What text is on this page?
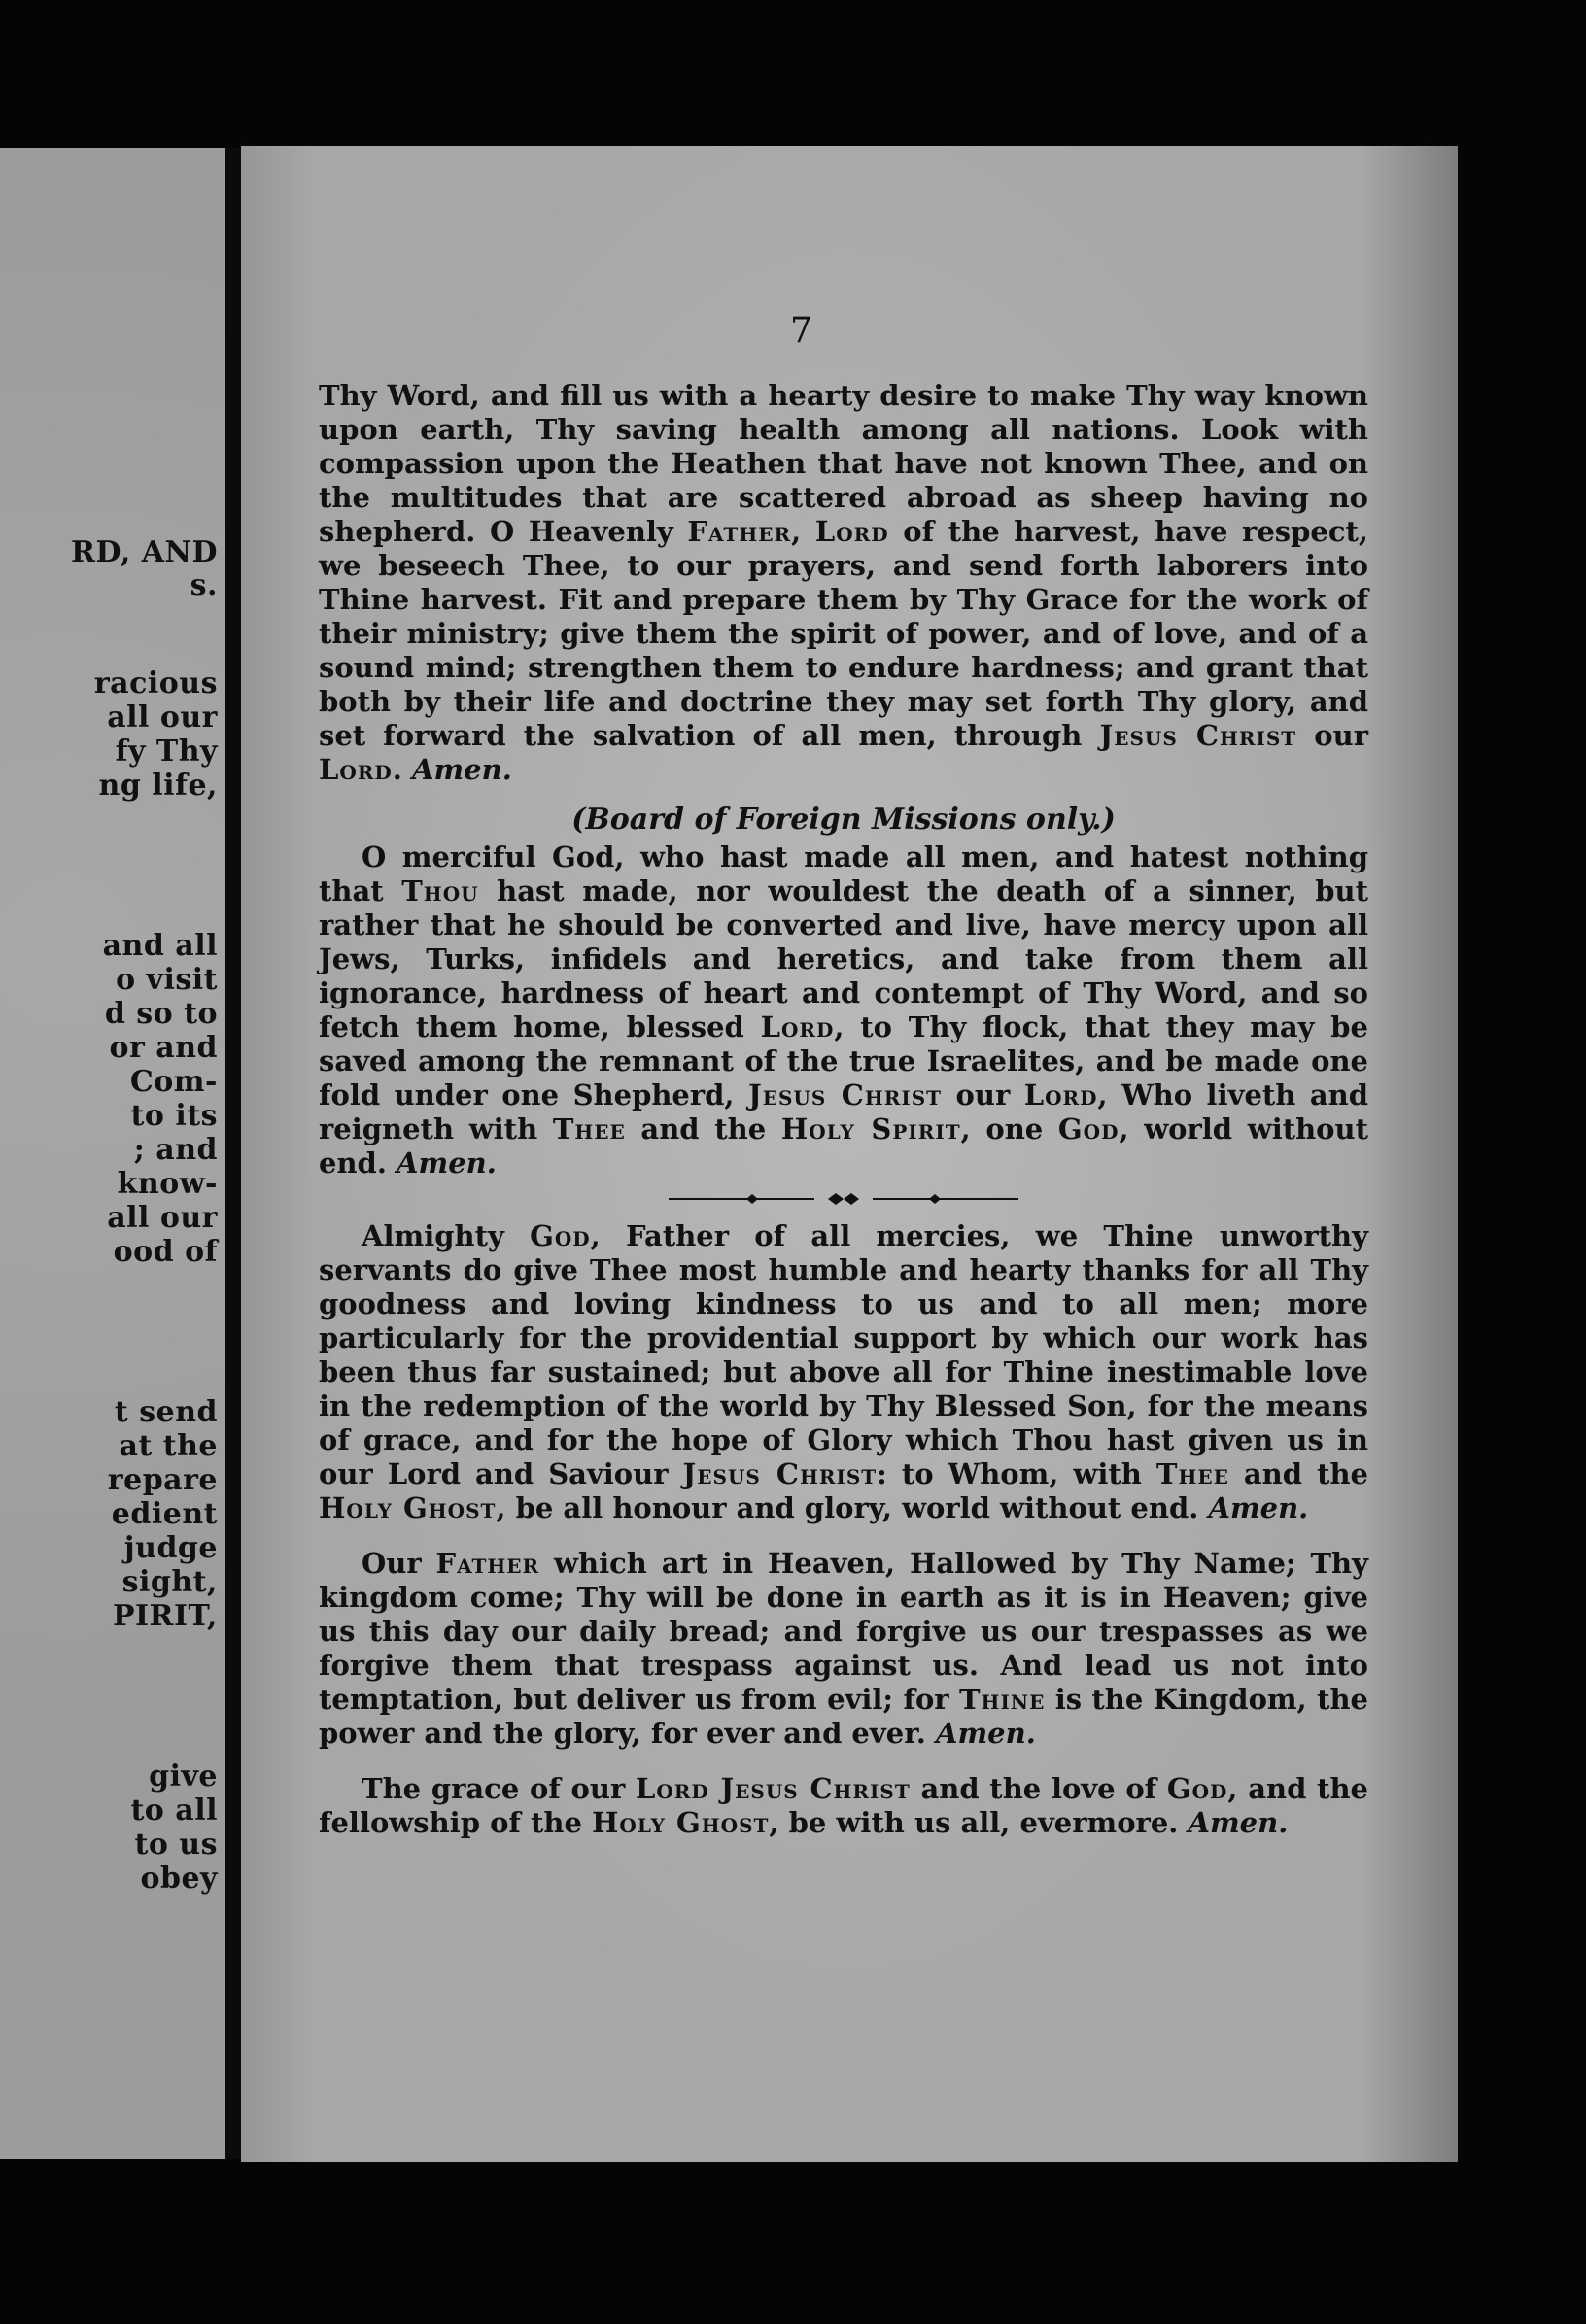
RD, AND
s.
racious
all our
fy Thy
ng life,
and all
o visit
d so to
or and
Com-
to its
; and
know-
all our
ood of
t send
at the
repare
edient
judge
sight,
PIRIT,
give
to all
to us
obey
7

Thy Word, and fill us with a hearty desire to make Thy way known upon earth, Thy saving health among all nations. Look with compassion upon the Heathen that have not known Thee, and on the multitudes that are scattered abroad as sheep having no shepherd. O Heavenly Father, Lord of the harvest, have respect, we beseech Thee, to our prayers, and send forth laborers into Thine harvest. Fit and prepare them by Thy Grace for the work of their ministry; give them the spirit of power, and of love, and of a sound mind; strengthen them to endure hardness; and grant that both by their life and doctrine they may set forth Thy glory, and set forward the salvation of all men, through Jesus Christ our Lord. Amen.

(Board of Foreign Missions only.)

O merciful God, who hast made all men, and hatest nothing that Thou hast made, nor wouldest the death of a sinner, but rather that he should be converted and live, have mercy upon all Jews, Turks, infidels and heretics, and take from them all ignorance, hardness of heart and contempt of Thy Word, and so fetch them home, blessed Lord, to Thy flock, that they may be saved among the remnant of the true Israelites, and be made one fold under one Shepherd, Jesus Christ our Lord, Who liveth and reigneth with Thee and the Holy Spirit, one God, world without end. Amen.

Almighty God, Father of all mercies, we Thine unworthy servants do give Thee most humble and hearty thanks for all Thy goodness and loving kindness to us and to all men; more particularly for the providential support by which our work has been thus far sustained; but above all for Thine inestimable love in the redemption of the world by Thy Blessed Son, for the means of grace, and for the hope of Glory which Thou hast given us in our Lord and Saviour Jesus Christ: to Whom, with Thee and the Holy Ghost, be all honour and glory, world without end. Amen.

Our Father which art in Heaven, Hallowed by Thy Name; Thy kingdom come; Thy will be done in earth as it is in Heaven; give us this day our daily bread; and forgive us our trespasses as we forgive them that trespass against us. And lead us not into temptation, but deliver us from evil; for Thine is the Kingdom, the power and the glory, for ever and ever. Amen.

The grace of our Lord Jesus Christ and the love of God, and the fellowship of the Holy Ghost, be with us all, evermore. Amen.
